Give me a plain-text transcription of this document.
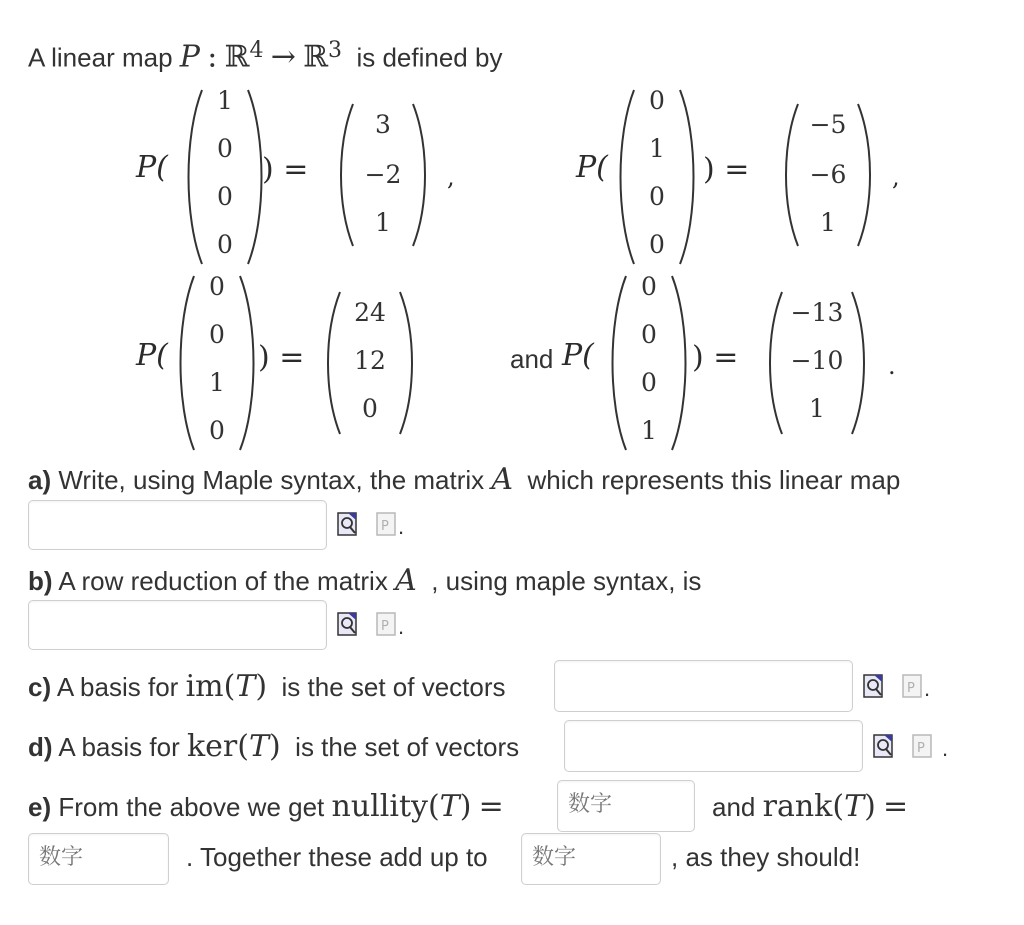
A linear map P : ℝ$^4$ → ℝ$^3$ is defined by
P(
1
0
0
0
) =
3
−2
1
,	P(
0
1
0
0
) =
−5
−6
1
,
P(
0
0
1
0
) =
24
12
0
and P(
0
0
0
1
) =
−13
−10
1
.
a) Write, using Maple syntax, the matrix A which represents this linear map
P .
b) A row reduction of the matrix A , using maple syntax, is
P .
c) A basis for im(T) is the set of vectors	P .
d) A basis for ker(T) is the set of vectors	P .
e) From the above we get nullity(T) =	数字	and rank(T) =
数字	. Together these add up to	数字	, as they should!
